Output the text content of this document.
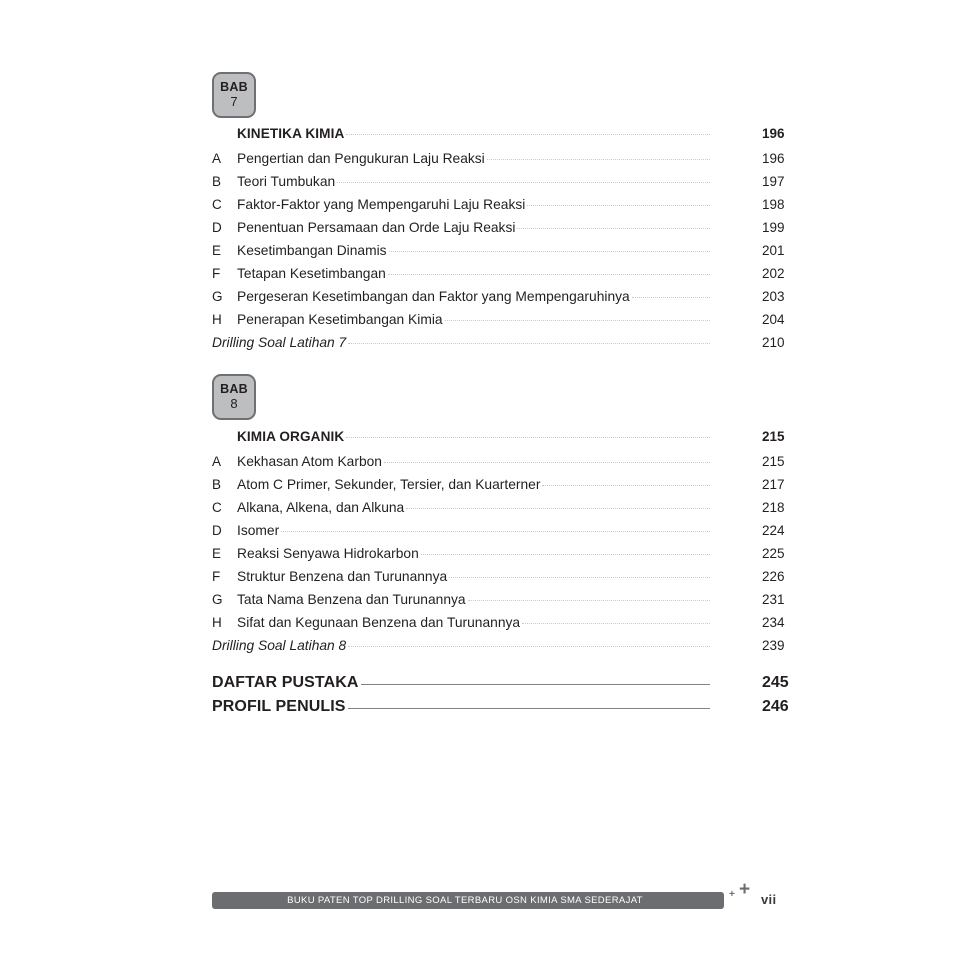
BAB
7
KINETIKA KIMIA	196
A	Pengertian dan Pengukuran Laju Reaksi	196
B	Teori Tumbukan	197
C	Faktor-Faktor yang Mempengaruhi Laju Reaksi	198
D	Penentuan Persamaan dan Orde Laju Reaksi	199
E	Kesetimbangan Dinamis	201
F	Tetapan Kesetimbangan	202
G	Pergeseran Kesetimbangan dan Faktor yang Mempengaruhinya	203
H	Penerapan Kesetimbangan Kimia	204
Drilling Soal Latihan 7	210
BAB
8
KIMIA ORGANIK	215
A	Kekhasan Atom Karbon	215
B	Atom C Primer, Sekunder, Tersier, dan Kuarterner	217
C	Alkana, Alkena, dan Alkuna	218
D	Isomer	224
E	Reaksi Senyawa Hidrokarbon	225
F	Struktur Benzena dan Turunannya	226
G	Tata Nama Benzena dan Turunannya	231
H	Sifat dan Kegunaan Benzena dan Turunannya	234
Drilling Soal Latihan 8	239
DAFTAR PUSTAKA	245
PROFIL PENULIS	246
BUKU PATEN TOP DRILLING SOAL TERBARU OSN KIMIA SMA SEDERAJAT
+ + vii
